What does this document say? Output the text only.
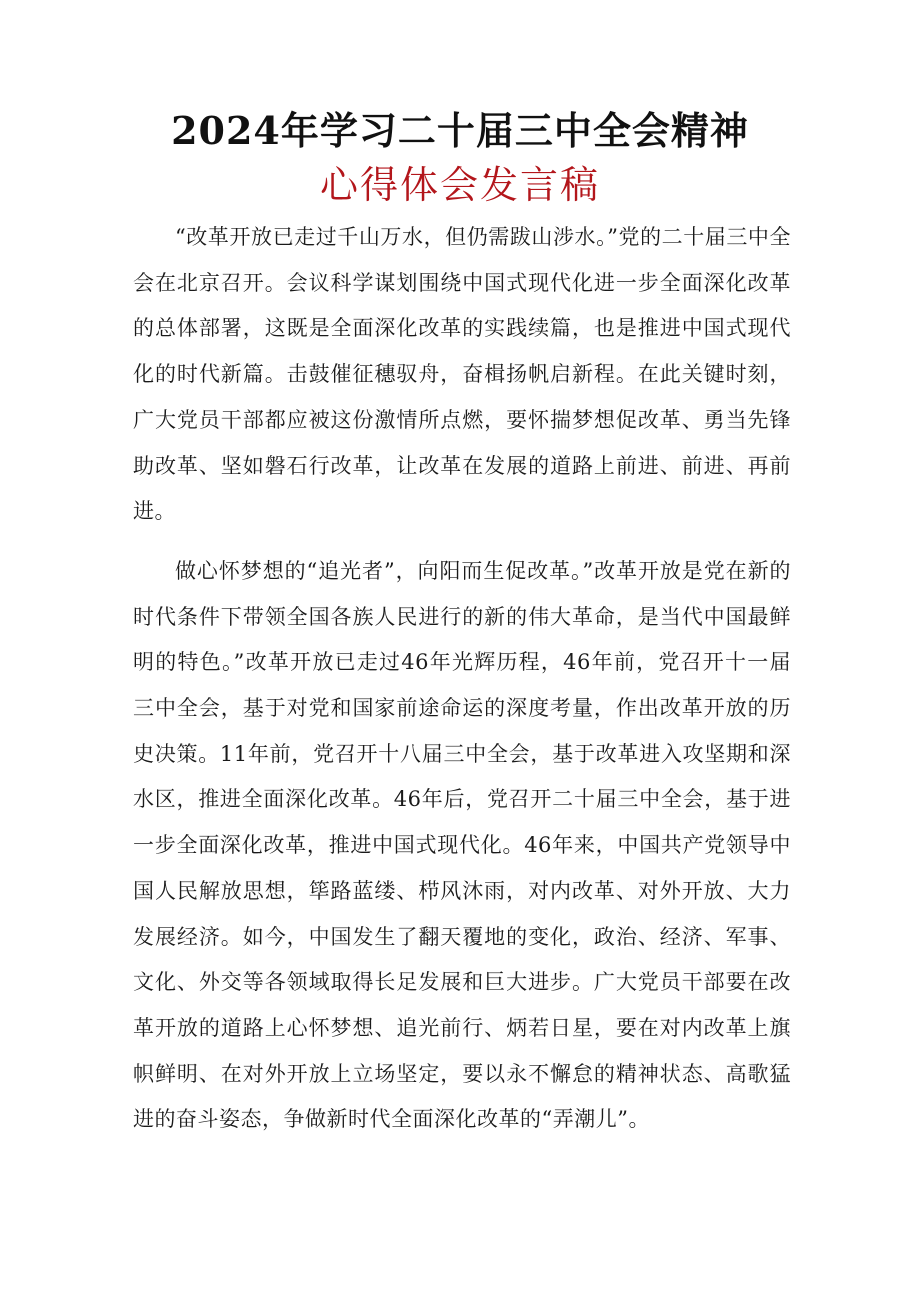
2024年学习二十届三中全会精神
心得体会发言稿

“改革开放已走过千山万水，但仍需跋山涉水。”党的二十届三中全会在北京召开。会议科学谋划围绕中国式现代化进一步全面深化改革的总体部署，这既是全面深化改革的实践续篇，也是推进中国式现代化的时代新篇。击鼓催征穗驭舟，奋楫扬帆启新程。在此关键时刻，广大党员干部都应被这份激情所点燃，要怀揣梦想促改革、勇当先锋助改革、坚如磐石行改革，让改革在发展的道路上前进、前进、再前进。

做心怀梦想的“追光者”，向阳而生促改革。”改革开放是党在新的时代条件下带领全国各族人民进行的新的伟大革命，是当代中国最鲜明的特色。”改革开放已走过46年光辉历程，46年前，党召开十一届三中全会，基于对党和国家前途命运的深度考量，作出改革开放的历史决策。11年前，党召开十八届三中全会，基于改革进入攻坚期和深水区，推进全面深化改革。46年后，党召开二十届三中全会，基于进一步全面深化改革，推进中国式现代化。46年来，中国共产党领导中国人民解放思想，筚路蓝缕、栉风沐雨，对内改革、对外开放、大力发展经济。如今，中国发生了翻天覆地的变化，政治、经济、军事、文化、外交等各领域取得长足发展和巨大进步。广大党员干部要在改革开放的道路上心怀梦想、追光前行、炳若日星，要在对内改革上旗帜鲜明、在对外开放上立场坚定，要以永不懈怠的精神状态、高歌猛进的奋斗姿态，争做新时代全面深化改革的“弄潮儿”。
